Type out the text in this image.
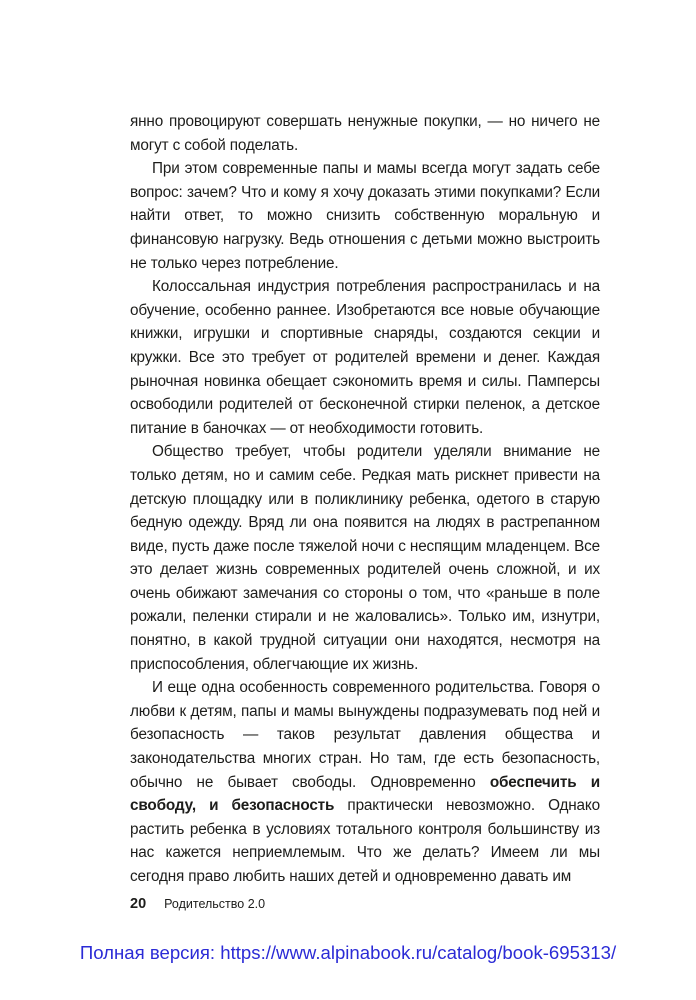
янно провоцируют совершать ненужные покупки, — но ничего не могут с собой поделать.

При этом современные папы и мамы всегда могут задать себе вопрос: зачем? Что и кому я хочу доказать этими покупками? Если найти ответ, то можно снизить собственную моральную и финансовую нагрузку. Ведь отношения с детьми можно выстроить не только через потребление.

Колоссальная индустрия потребления распространилась и на обучение, особенно раннее. Изобретаются все новые обучающие книжки, игрушки и спортивные снаряды, создаются секции и кружки. Все это требует от родителей времени и денег. Каждая рыночная новинка обещает сэкономить время и силы. Памперсы освободили родителей от бесконечной стирки пеленок, а детское питание в баночках — от необходимости готовить.

Общество требует, чтобы родители уделяли внимание не только детям, но и самим себе. Редкая мать рискнет привести на детскую площадку или в поликлинику ребенка, одетого в старую бедную одежду. Вряд ли она появится на людях в растрепанном виде, пусть даже после тяжелой ночи с неспящим младенцем. Все это делает жизнь современных родителей очень сложной, и их очень обижают замечания со стороны о том, что «раньше в поле рожали, пеленки стирали и не жаловались». Только им, изнутри, понятно, в какой трудной ситуации они находятся, несмотря на приспособления, облегчающие их жизнь.

И еще одна особенность современного родительства. Говоря о любви к детям, папы и мамы вынуждены подразумевать под ней и безопасность — таков результат давления общества и законодательства многих стран. Но там, где есть безопасность, обычно не бывает свободы. Одновременно обеспечить и свободу, и безопасность практически невозможно. Однако растить ребенка в условиях тотального контроля большинству из нас кажется неприемлемым. Что же делать? Имеем ли мы сегодня право любить наших детей и одновременно давать им

20 Родительство 2.0
Полная версия: https://www.alpinabook.ru/catalog/book-695313/
